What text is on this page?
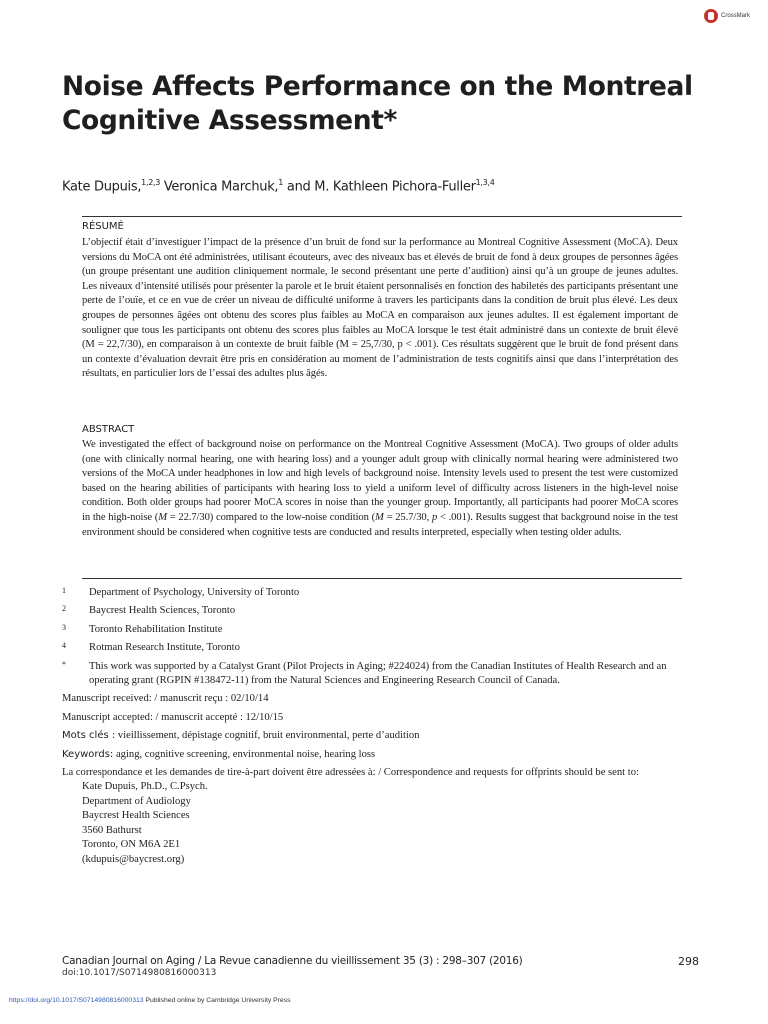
CrossMark
Noise Affects Performance on the Montreal Cognitive Assessment*
Kate Dupuis,$^{1,2,3}$ Veronica Marchuk,$^1$ and M. Kathleen Pichora-Fuller$^{1,3,4}$
RÉSUMÉ

L’objectif était d’investiguer l’impact de la présence d’un bruit de fond sur la performance au Montreal Cognitive Assessment (MoCA). Deux versions du MoCA ont été administrées, utilisant écouteurs, avec des niveaux bas et élevés de bruit de fond à deux groupes de personnes âgées (un groupe présentant une audition cliniquement normale, le second présentant une perte d’audition) ainsi qu’à un groupe de jeunes adultes. Les niveaux d’intensité utilisés pour présenter la parole et le bruit étaient personnalisés en fonction des habiletés des participants présentant une perte de l’ouïe, et ce en vue de créer un niveau de difficulté uniforme à travers les participants dans la condition de bruit plus élevé. Les deux groupes de personnes âgées ont obtenu des scores plus faibles au MoCA en comparaison aux jeunes adultes. Il est également important de souligner que tous les participants ont obtenu des scores plus faibles au MoCA lorsque le test était administré dans un contexte de bruit élevé (M = 22,7/30), en comparaison à un contexte de bruit faible (M = 25,7/30, p < .001). Ces résultats suggèrent que le bruit de fond présent dans un contexte d’évaluation devrait être pris en considération au moment de l’administration de tests cognitifs ainsi que dans l’interprétation des résultats, en particulier lors de l’essai des adultes plus âgés.

ABSTRACT

We investigated the effect of background noise on performance on the Montreal Cognitive Assessment (MoCA). Two groups of older adults (one with clinically normal hearing, one with hearing loss) and a younger adult group with clinically normal hearing were administered two versions of the MoCA under headphones in low and high levels of background noise. Intensity levels used to present the test were customized based on the hearing abilities of participants with hearing loss to yield a uniform level of difficulty across listeners in the high-level noise condition. Both older groups had poorer MoCA scores in noise than the younger group. Importantly, all participants had poorer MoCA scores in the high-noise (M = 22.7/30) compared to the low-noise condition (M = 25.7/30, p < .001). Results suggest that background noise in the test environment should be considered when cognitive tests are conducted and results interpreted, especially when testing older adults.

1	Department of Psychology, University of Toronto
2	Baycrest Health Sciences, Toronto
3	Toronto Rehabilitation Institute
4	Rotman Research Institute, Toronto
*	This work was supported by a Catalyst Grant (Pilot Projects in Aging; #224024) from the Canadian Institutes of Health Research and an operating grant (RGPIN #138472-11) from the Natural Sciences and Engineering Research Council of Canada.
Manuscript received: / manuscrit reçu : 02/10/14
Manuscript accepted: / manuscrit accepté : 12/10/15
Mots clés : vieillissement, dépistage cognitif, bruit environmental, perte d’audition
Keywords: aging, cognitive screening, environmental noise, hearing loss
La correspondance et les demandes de tire-à-part doivent être adressées à: / Correspondence and requests for offprints should be sent to:
Kate Dupuis, Ph.D., C.Psych.
Department of Audiology
Baycrest Health Sciences
3560 Bathurst
Toronto, ON M6A 2E1
(kdupuis@baycrest.org)
Canadian Journal on Aging / La Revue canadienne du vieillissement 35 (3) : 298–307 (2016)
doi:10.1017/S0714980816000313
298
https://doi.org/10.1017/S0714980816000313 Published online by Cambridge University Press
